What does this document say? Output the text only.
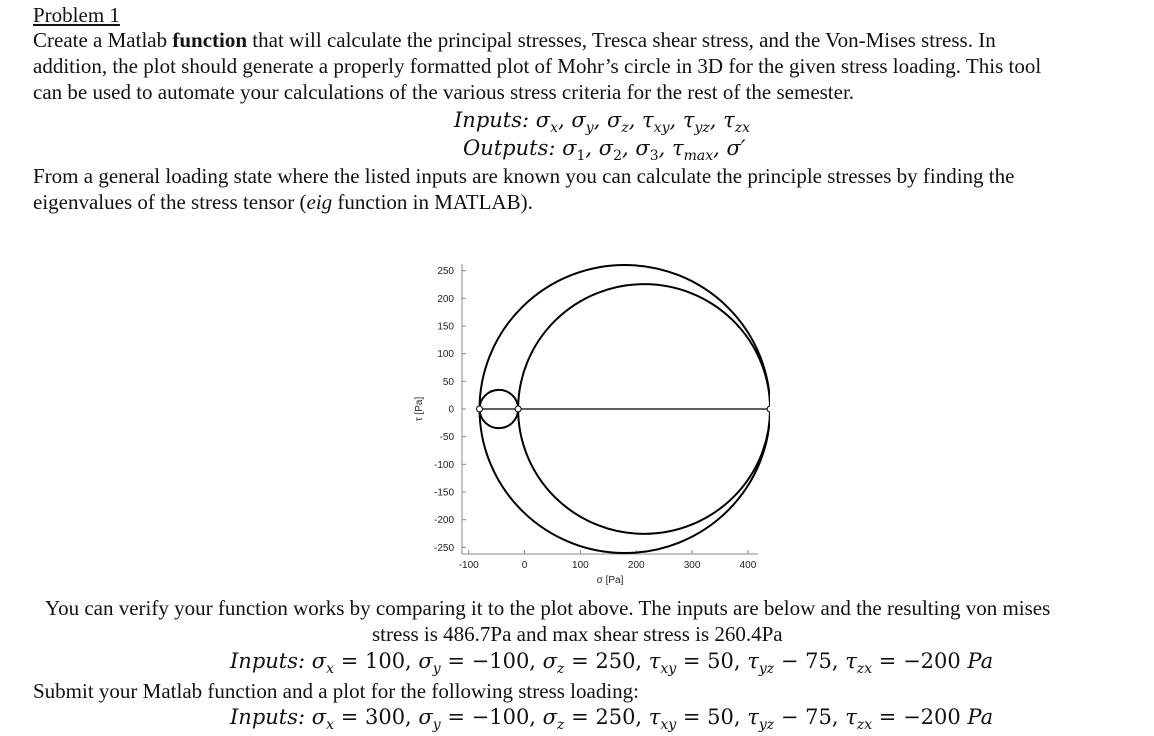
Problem 1
Create a Matlab function that will calculate the principal stresses, Tresca shear stress, and the Von-Mises stress. In
addition, the plot should generate a properly formatted plot of Mohr’s circle in 3D for the given stress loading. This tool
can be used to automate your calculations of the various stress criteria for the rest of the semester.
Inputs: $\sigma_x$, $\sigma_y$, $\sigma_z$, $\tau_{xy}$, $\tau_{yz}$, $\tau_{zx}$
Outputs: $\sigma_1$, $\sigma_2$, $\sigma_3$, $\tau_{max}$, σ′
From a general loading state where the listed inputs are known you can calculate the principle stresses by finding the
eigenvalues of the stress tensor (eig function in MATLAB).
250
200
150
100
50
0
-50
-100
-150
-200
-250
-100	0	100	200	300	400
σ [Pa]
τ [Pa]
You can verify your function works by comparing it to the plot above. The inputs are below and the resulting von mises
stress is 486.7Pa and max shear stress is 260.4Pa
Inputs: $\sigma_x = 100$, $\sigma_y = -100$, $\sigma_z = 250$, $\tau_{xy} = 50$, $\tau_{yz} - 75$, $\tau_{zx} = -200$ Pa
Submit your Matlab function and a plot for the following stress loading:
Inputs: $\sigma_x = 300$, $\sigma_y = -100$, $\sigma_z = 250$, $\tau_{xy} = 50$, $\tau_{yz} - 75$, $\tau_{zx} = -200$ Pa
